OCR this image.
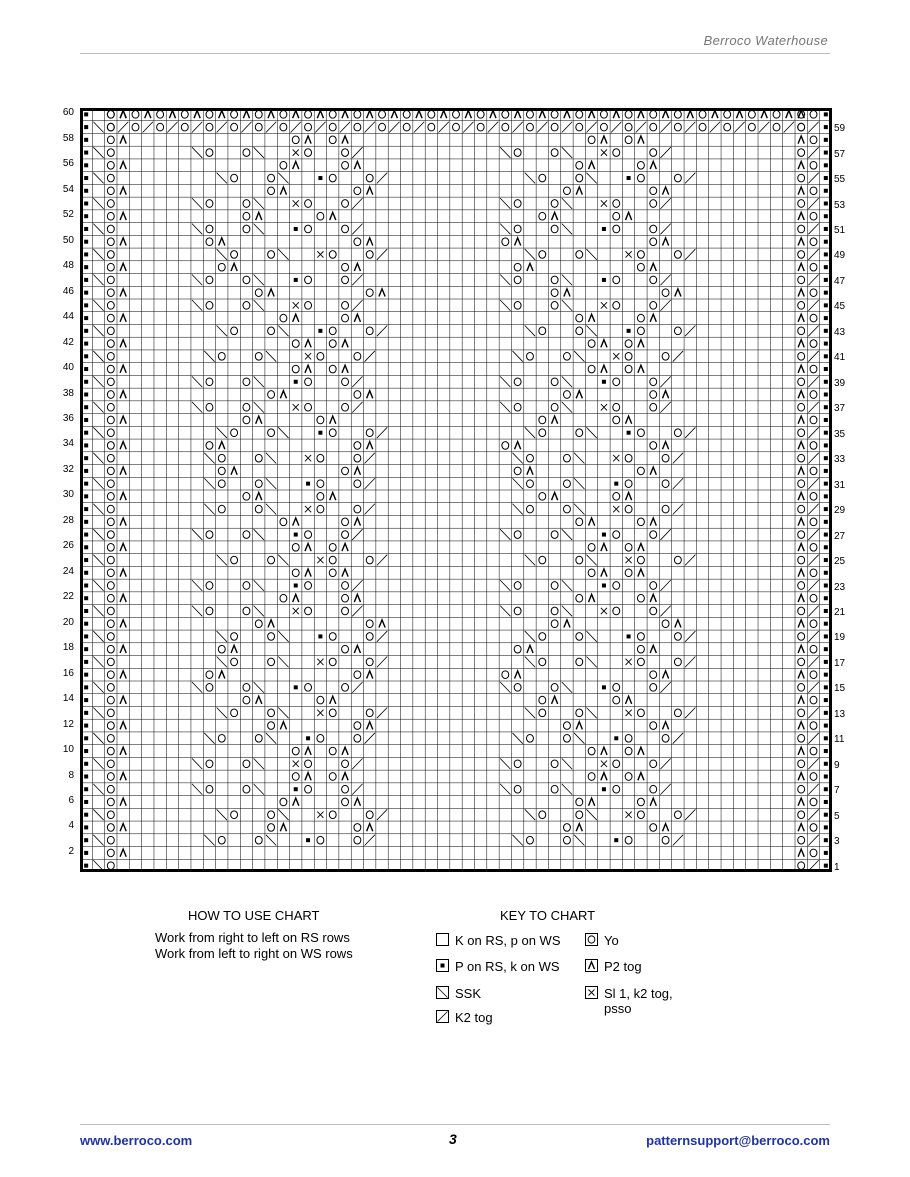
Berroco Waterhouse
60
58
56
54
52
50
48
46
44
42
40
38
36
34
32
30
28
26
24
22
20
18
16
14
12
10
8
6
4
2
59
57
55
53
51
49
47
45
43
41
39
37
35
33
31
29
27
25
23
21
19
17
15
13
11
9
7
5
3
1
HOW TO USE CHART
Work from right to left on RS rows
Work from left to right on WS rows
KEY TO CHART
K on RS, p on WS	Yo
P on RS, k on WS	P2 tog
SSK	Sl 1, k2 tog,
psso
K2 tog
www.berroco.com	3	patternsupport@berroco.com
